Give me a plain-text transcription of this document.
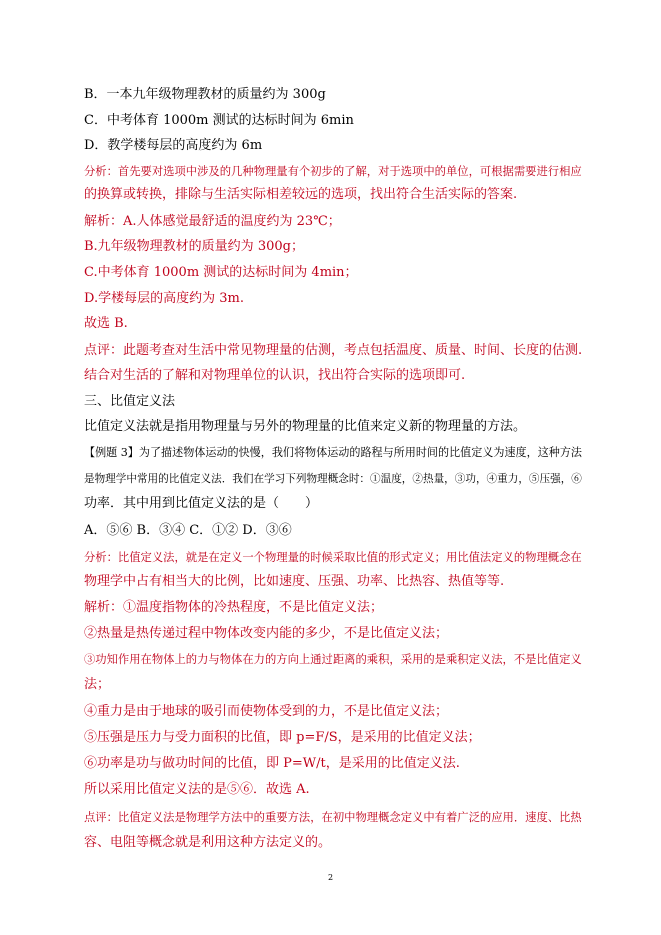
B．一本九年级物理教材的质量约为 300g
C．中考体育 1000m 测试的达标时间为 6min
D．教学楼每层的高度约为 6m
分析：首先要对选项中涉及的几种物理量有个初步的了解，对于选项中的单位，可根据需要进行相应
的换算或转换，排除与生活实际相差较远的选项，找出符合生活实际的答案.
解析：A.人体感觉最舒适的温度约为 23℃；
B.九年级物理教材的质量约为 300g；
C.中考体育 1000m 测试的达标时间为 4min；
D.学楼每层的高度约为 3m.
故选 B.
点评：此题考查对生活中常见物理量的估测，考点包括温度、质量、时间、长度的估测.
结合对生活的了解和对物理单位的认识，找出符合实际的选项即可.
三、比值定义法
比值定义法就是指用物理量与另外的物理量的比值来定义新的物理量的方法。
【例题 3】为了描述物体运动的快慢，我们将物体运动的路程与所用时间的比值定义为速度，这种方法
是物理学中常用的比值定义法．我们在学习下列物理概念时：①温度，②热量，③功，④重力，⑤压强，⑥
功率．其中用到比值定义法的是（　　）
A．⑤⑥ B．③④ C．①② D．③⑥
分析：比值定义法，就是在定义一个物理量的时候采取比值的形式定义；用比值法定义的物理概念在
物理学中占有相当大的比例，比如速度、压强、功率、比热容、热值等等.
解析：①温度指物体的冷热程度，不是比值定义法；
②热量是热传递过程中物体改变内能的多少，不是比值定义法；
③功知作用在物体上的力与物体在力的方向上通过距离的乘积，采用的是乘积定义法，不是比值定义
法；
④重力是由于地球的吸引而使物体受到的力，不是比值定义法；
⑤压强是压力与受力面积的比值，即 p=F/S，是采用的比值定义法；
⑥功率是功与做功时间的比值，即 P=W/t，是采用的比值定义法.
所以采用比值定义法的是⑤⑥．故选 A.
点评：比值定义法是物理学方法中的重要方法，在初中物理概念定义中有着广泛的应用．速度、比热
容、电阻等概念就是利用这种方法定义的。
2
